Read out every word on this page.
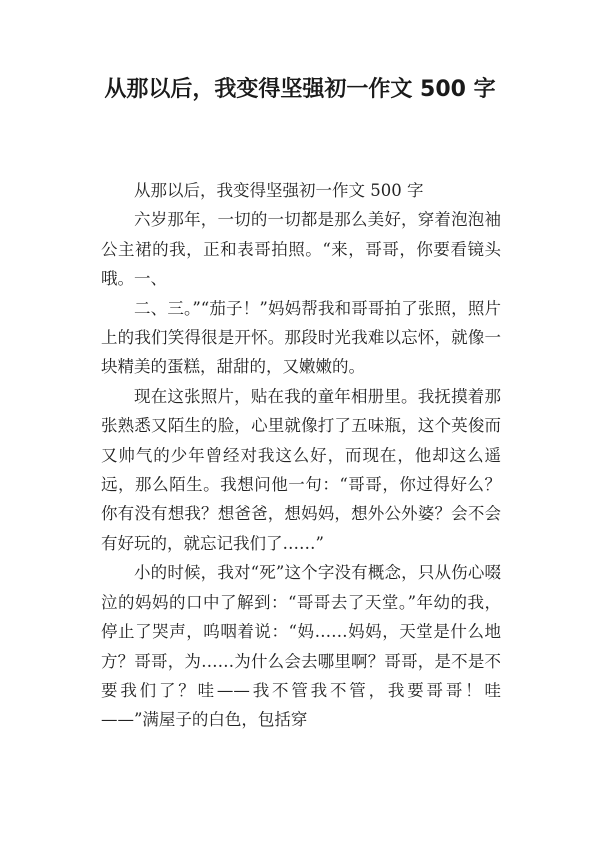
从那以后，我变得坚强初一作文 500 字

从那以后，我变得坚强初一作文 500 字

六岁那年，一切的一切都是那么美好，穿着泡泡袖公主裙的我，正和表哥拍照。“来，哥哥，你要看镜头哦。一、

二、三。”“茄子！”妈妈帮我和哥哥拍了张照，照片上的我们笑得很是开怀。那段时光我难以忘怀，就像一块精美的蛋糕，甜甜的，又嫩嫩的。

现在这张照片，贴在我的童年相册里。我抚摸着那张熟悉又陌生的脸，心里就像打了五味瓶，这个英俊而又帅气的少年曾经对我这么好，而现在，他却这么遥远，那么陌生。我想问他一句：“哥哥，你过得好么？你有没有想我？想爸爸，想妈妈，想外公外婆？会不会有好玩的，就忘记我们了……”

小的时候，我对“死”这个字没有概念，只从伤心啜泣的妈妈的口中了解到：“哥哥去了天堂。”年幼的我，停止了哭声，呜咽着说：“妈……妈妈，天堂是什么地方？哥哥，为……为什么会去哪里啊？哥哥，是不是不要我们了？哇——我不管我不管，我要哥哥！哇——”满屋子的白色，包括穿
